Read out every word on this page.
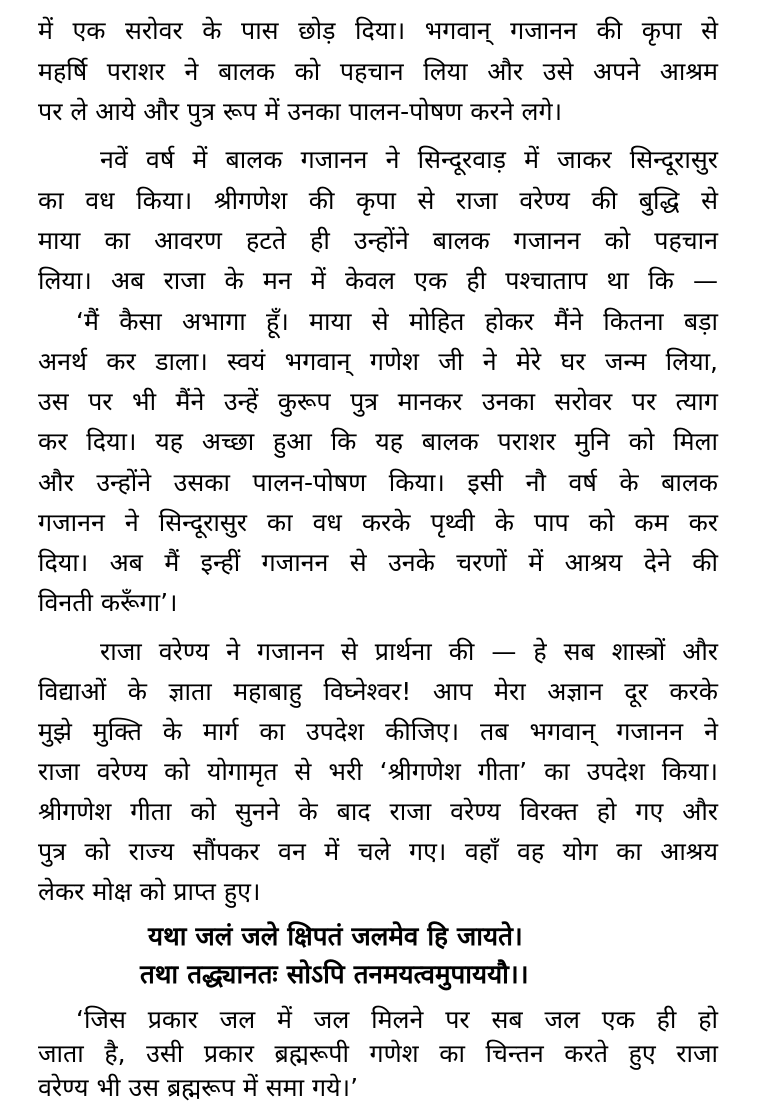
में एक सरोवर के पास छोड़ दिया। भगवान् गजानन की कृपा से
महर्षि पराशर ने बालक को पहचान लिया और उसे अपने आश्रम
पर ले आये और पुत्र रूप में उनका पालन-पोषण करने लगे।
नवें वर्ष में बालक गजानन ने सिन्दूरवाड़ में जाकर सिन्दूरासुर
का वध किया। श्रीगणेश की कृपा से राजा वरेण्य की बुद्धि से
माया का आवरण हटते ही उन्होंने बालक गजानन को पहचान
लिया। अब राजा के मन में केवल एक ही पश्चाताप था कि —
‘मैं कैसा अभागा हूँ। माया से मोहित होकर मैंने कितना बड़ा
अनर्थ कर डाला। स्वयं भगवान् गणेश जी ने मेरे घर जन्म लिया,
उस पर भी मैंने उन्हें कुरूप पुत्र मानकर उनका सरोवर पर त्याग
कर दिया। यह अच्छा हुआ कि यह बालक पराशर मुनि को मिला
और उन्होंने उसका पालन-पोषण किया। इसी नौ वर्ष के बालक
गजानन ने सिन्दूरासुर का वध करके पृथ्वी के पाप को कम कर
दिया। अब मैं इन्हीं गजानन से उनके चरणों में आश्रय देने की
विनती करूँगा’।
राजा वरेण्य ने गजानन से प्रार्थना की — हे सब शास्त्रों और
विद्याओं के ज्ञाता महाबाहु विघ्नेश्वर! आप मेरा अज्ञान दूर करके
मुझे मुक्ति के मार्ग का उपदेश कीजिए। तब भगवान् गजानन ने
राजा वरेण्य को योगामृत से भरी ‘श्रीगणेश गीता’ का उपदेश किया।
श्रीगणेश गीता को सुनने के बाद राजा वरेण्य विरक्त हो गए और
पुत्र को राज्य सौंपकर वन में चले गए। वहाँ वह योग का आश्रय
लेकर मोक्ष को प्राप्त हुए।
यथा जलं जले क्षिपतं जलमेव हि जायते।
तथा तद्ध्यानतः सोऽपि तनमयत्वमुपाययौ।।
‘जिस प्रकार जल में जल मिलने पर सब जल एक ही हो
जाता है, उसी प्रकार ब्रह्मरूपी गणेश का चिन्तन करते हुए राजा
वरेण्य भी उस ब्रह्मरूप में समा गये।’
